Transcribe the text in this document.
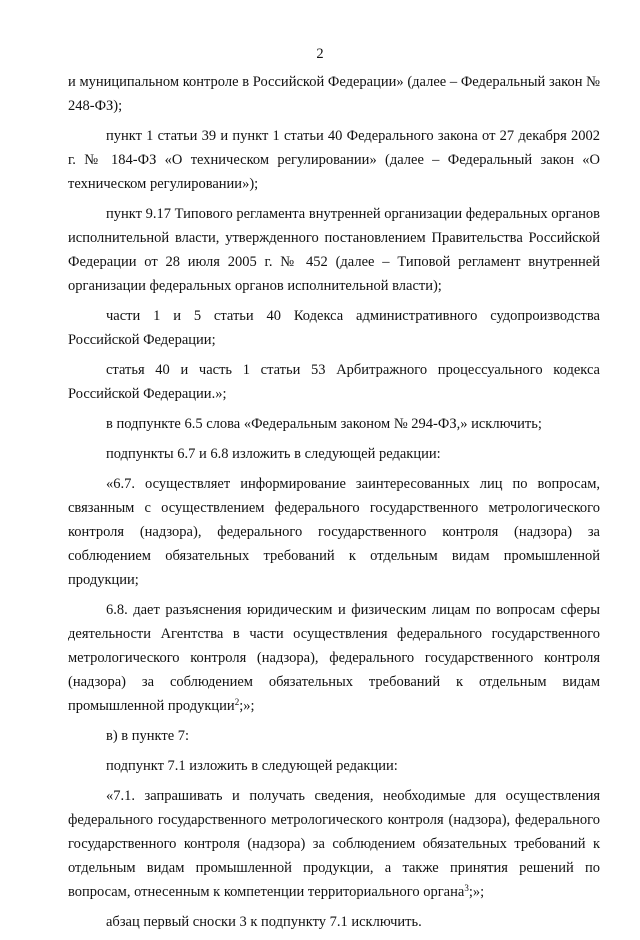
2

и муниципальном контроле в Российской Федерации» (далее – Федеральный закон № 248-ФЗ);

пункт 1 статьи 39 и пункт 1 статьи 40 Федерального закона от 27 декабря 2002 г. № 184-ФЗ «О техническом регулировании» (далее – Федеральный закон «О техническом регулировании»);

пункт 9.17 Типового регламента внутренней организации федеральных органов исполнительной власти, утвержденного постановлением Правительства Российской Федерации от 28 июля 2005 г. № 452 (далее – Типовой регламент внутренней организации федеральных органов исполнительной власти);

части 1 и 5 статьи 40 Кодекса административного судопроизводства Российской Федерации;

статья 40 и часть 1 статьи 53 Арбитражного процессуального кодекса Российской Федерации.»;

в подпункте 6.5 слова «Федеральным законом № 294-ФЗ,» исключить;

подпункты 6.7 и 6.8 изложить в следующей редакции:

«6.7. осуществляет информирование заинтересованных лиц по вопросам, связанным с осуществлением федерального государственного метрологического контроля (надзора), федерального государственного контроля (надзора) за соблюдением обязательных требований к отдельным видам промышленной продукции;

6.8. дает разъяснения юридическим и физическим лицам по вопросам сферы деятельности Агентства в части осуществления федерального государственного метрологического контроля (надзора), федерального государственного контроля (надзора) за соблюдением обязательных требований к отдельным видам промышленной продукции$^2$;»;

в) в пункте 7:

подпункт 7.1 изложить в следующей редакции:

«7.1. запрашивать и получать сведения, необходимые для осуществления федерального государственного метрологического контроля (надзора), федерального государственного контроля (надзора) за соблюдением обязательных требований к отдельным видам промышленной продукции, а также принятия решений по вопросам, отнесенным к компетенции территориального органа$^3$;»;

абзац первый сноски 3 к подпункту 7.1 исключить.
